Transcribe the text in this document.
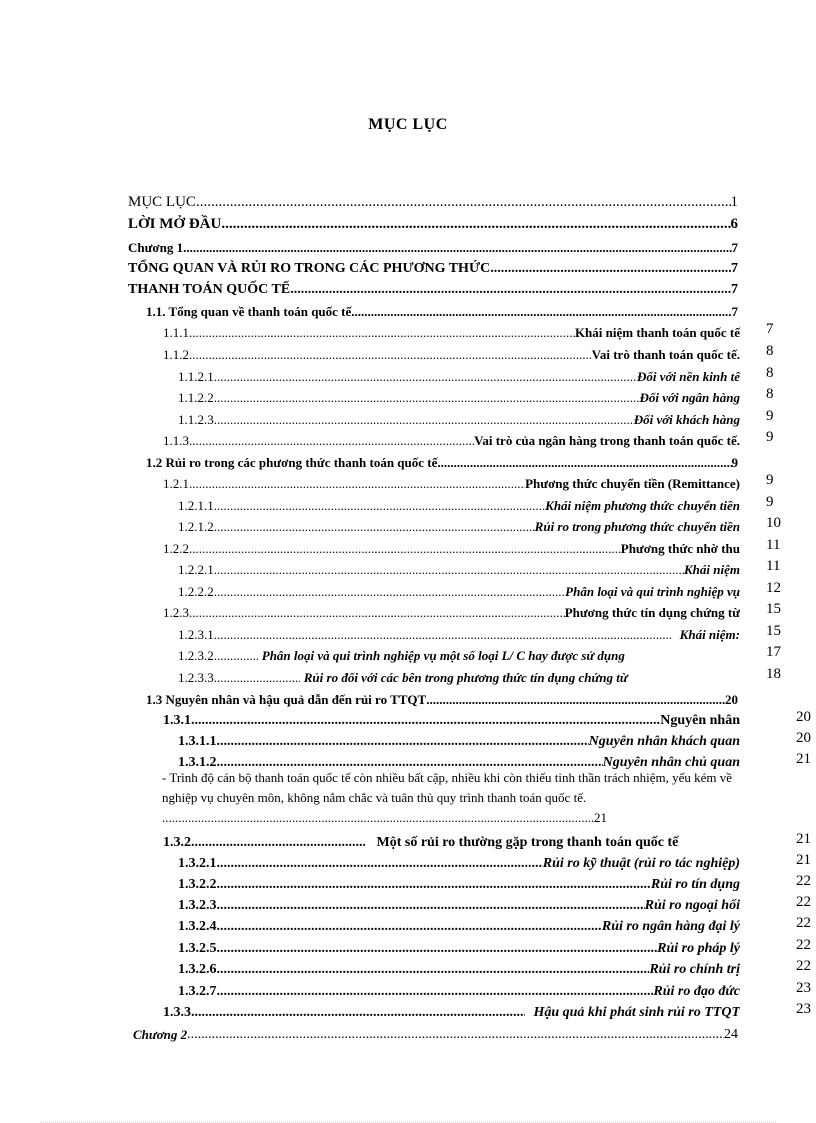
MỤC LỤC
MỤC LỤC .....	1
LỜI MỞ ĐẦU .....	6
Chương 1 .....	7
TỔNG QUAN VÀ RỦI RO TRONG CÁC PHƯƠNG THỨC .....	7
THANH TOÁN QUỐC TẾ .....	7
1.1. Tổng quan về thanh toán quốc tế .....	7
1.1.1 .....	Khái niệm thanh toán quốc tế 7
1.1.2 .....	Vai trò thanh toán quốc tế. 8
1.1.2.1. .....	Đối với nền kinh tế 8
1.1.2.2. .....	Đối với ngân hàng 8
1.1.2.3. .....	Đối với khách hàng 9
1.1.3. .....	Vai trò của ngân hàng trong thanh toán quốc tế. 9
1.2 Rủi ro trong các phương thức thanh toán quốc tế .....	9
1.2.1 .....	Phương thức chuyển tiền (Remittance) 9
1.2.1.1 .....	Khái niệm phương thức chuyển tiền 9
1.2.1.2 .....	Rủi ro trong phương thức chuyển tiền 10
1.2.2 .....	Phương thức nhờ thu 11
1.2.2.1 .....	Khái niệm 11
1.2.2.2 .....	Phân loại và qui trình nghiệp vụ 12
1.2.3 .....	Phương thức tín dụng chứng từ 15
1.2.3.1 .....	Khái niệm: 15
1.2.3.2 .....	Phân loại và qui trình nghiệp vụ một số loại L/ C hay được sử dụng	17
1.2.3.3 .....	Rủi ro đối với các bên trong phương thức tín dụng chứng từ	18
1.3 Nguyên nhân và hậu quả dẫn đến rủi ro TTQT .....	20
1.3.1. .....	Nguyên nhân	20
1.3.1.1. .....	Nguyên nhân khách quan	20
1.3.1.2. .....	Nguyên nhân chủ quan	21
- Trình độ cán bộ thanh toán quốc tế còn nhiều bất cập, nhiều khi còn thiếu tinh thần trách nhiệm, yếu kém về nghiệp vụ chuyên môn, không nắm chắc và tuân thủ quy trình thanh toán quốc tế......21
1.3.2. .....	Một số rủi ro thường gặp trong thanh toán quốc tế	21
1.3.2.1. .....	Rủi ro kỹ thuật (rủi ro tác nghiệp)	21
1.3.2.2. .....	Rủi ro tín dụng	22
1.3.2.3. .....	Rủi ro ngoại hối	22
1.3.2.4. .....	Rủi ro ngân hàng đại lý	22
1.3.2.5. .....	Rủi ro pháp lý	22
1.3.2.6. .....	Rủi ro chính trị	22
1.3.2.7. .....	Rủi ro đạo đức	23
1.3.3. .....	Hậu quả khi phát sinh rủi ro TTQT	23
Chương 2 .....	24
